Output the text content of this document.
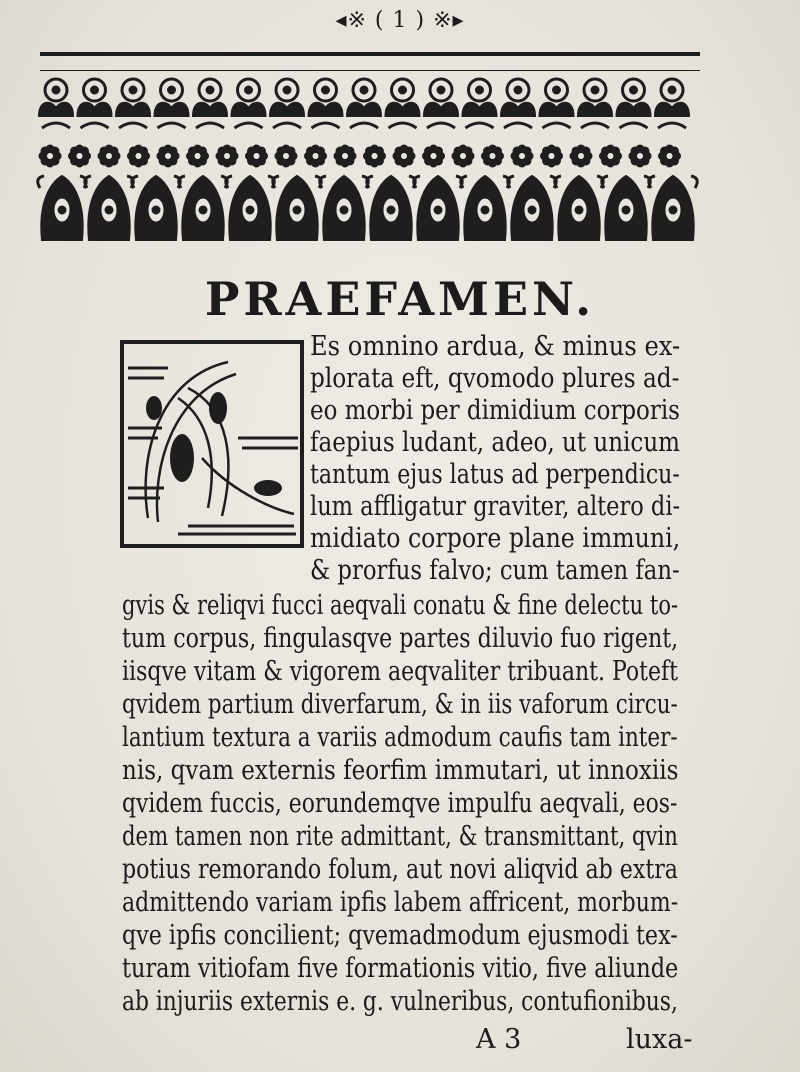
◂※ ( 1 ) ※▸
PRAEFAMEN.
Es omnino ardua, & minus ex-
plorata eft, qvomodo plures ad-
eo morbi per dimidium corporis
faepius ludant, adeo, ut unicum
tantum ejus latus ad perpendicu-
lum affligatur graviter, altero di-
midiato corpore plane immuni,
& prorfus falvo; cum tamen fan-
gvis & reliqvi fucci aeqvali conatu & fine delectu to-
tum corpus, fingulasqve partes diluvio fuo rigent,
iisqve vitam & vigorem aeqvaliter tribuant. Poteft
qvidem partium diverfarum, & in iis vaforum circu-
lantium textura a variis admodum caufis tam inter-
nis, qvam externis feorfim immutari, ut innoxiis
qvidem fuccis, eorundemqve impulfu aeqvali, eos-
dem tamen non rite admittant, & transmittant, qvin
potius remorando folum, aut novi aliqvid ab extra
admittendo variam ipfis labem affricent, morbum-
qve ipfis concilient; qvemadmodum ejusmodi tex-
turam vitiofam five formationis vitio, five aliunde
ab injuriis externis e. g. vulneribus, contufionibus,
A 3	luxa-
